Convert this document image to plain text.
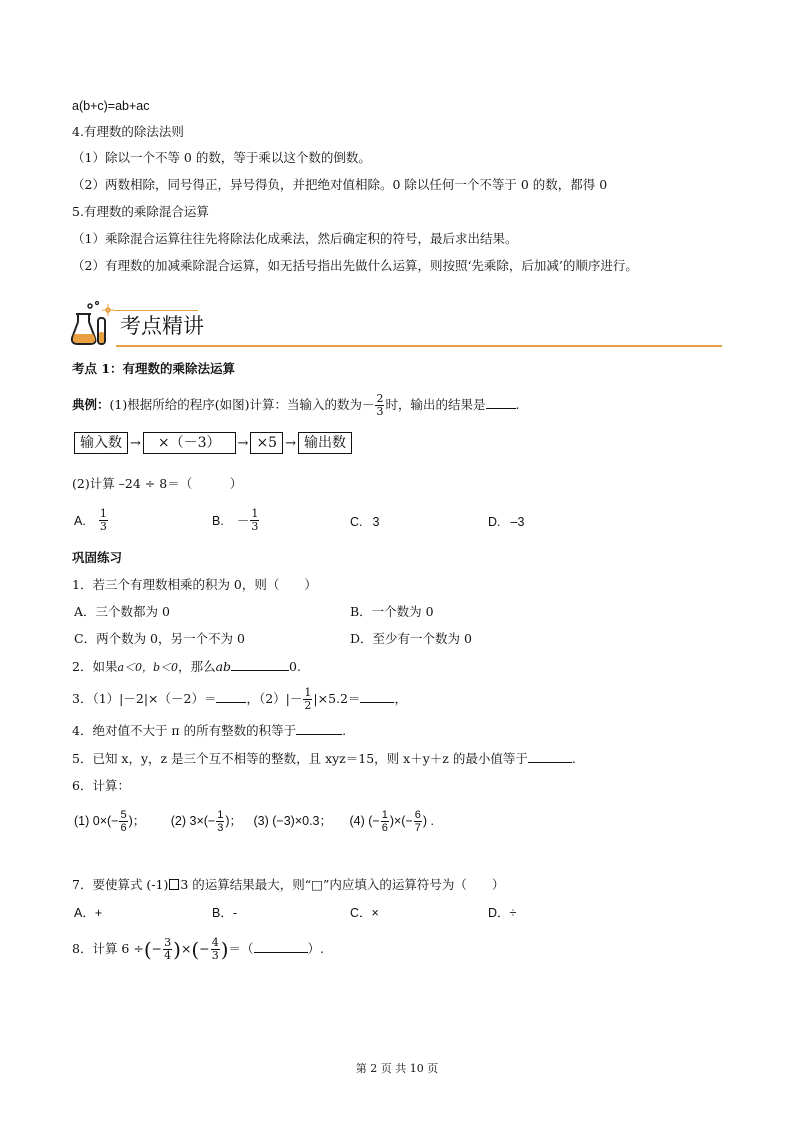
a(b+c)=ab+ac
4.有理数的除法法则
（1）除以一个不等 0 的数，等于乘以这个数的倒数。
（2）两数相除，同号得正，异号得负，并把绝对值相除。0 除以任何一个不等于 0 的数，都得 0
5.有理数的乘除混合运算
（1）乘除混合运算往往先将除法化成乘法，然后确定积的符号，最后求出结果。
（2）有理数的加减乘除混合运算，如无括号指出先做什么运算，则按照‘先乘除，后加减’的顺序进行。
考点精讲
考点 1：有理数的乘除法运算
典例：(1)根据所给的程序(如图)计算：当输入的数为－ $\frac{2}{3}$ 时，输出的结果是 .
输入数 → ×（－3） → ×5 → 输出数
(2)计算 –24 ÷ 8＝（　　　）
A. $\frac{1}{3}$	B. － $\frac{1}{3}$	C. 3	D. –3
巩固练习
1．若三个有理数相乘的积为 0，则（　　）
A．三个数都为 0	B．一个数为 0
C．两个数为 0，另一个不为 0	D．至少有一个数为 0
2．如果a＜0，b＜0，那么ab	0.
3．（1）|－2|×（－2）＝ ，$(2)|- \frac{1}{2} |\times 5.2=$	，
4．绝对值不大于 π 的所有整数的积等于	.
5．已知 x，y，z 是三个互不相等的整数，且 xyz＝15，则 x＋y＋z 的最小值等于	.
6．计算：
(1) $0\times(- \frac{5}{6}$ )； (2) $3\times(- \frac{1}{3}$ )； (3) (−3)×0.3； (4) (− $\frac{1}{6}$ )×(− $\frac{6}{7}$ ) .
7．要使算式 (-1) 3 的运算结果最大，则“□”内应填入的运算符号为（　　）
A．+	B．-	C．×	D．÷
8．计算 6 ÷(− $\frac{3}{4}$ )×(− $\frac{4}{3}$ )＝（	）.
第 2 页 共 10 页
